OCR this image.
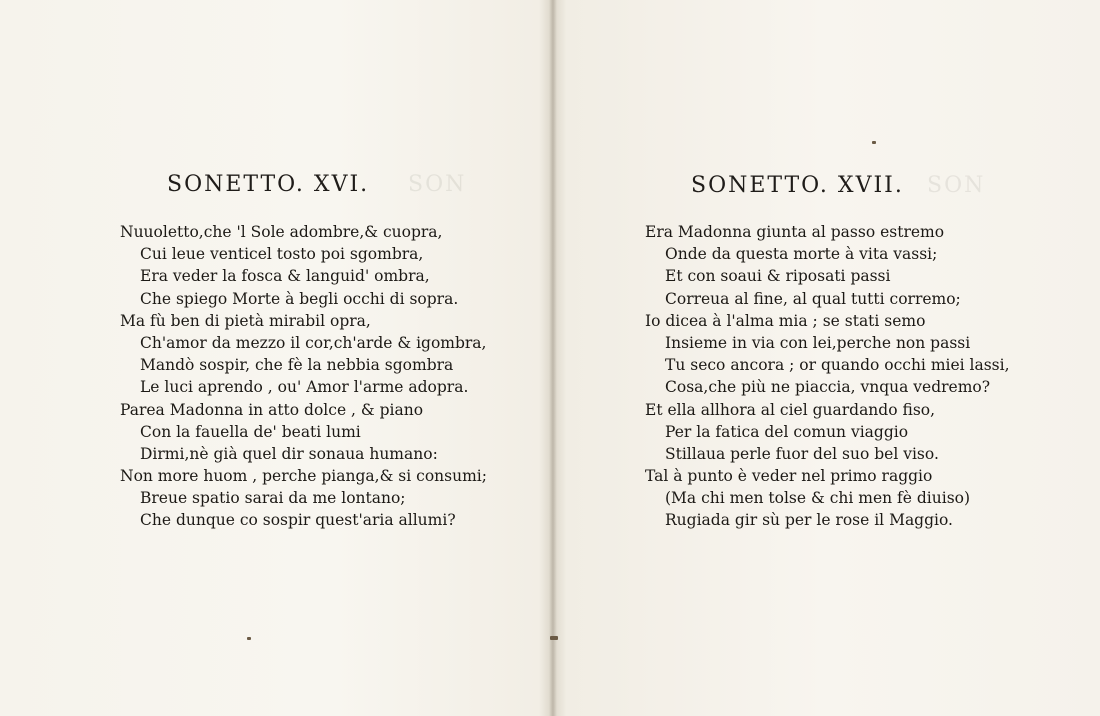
SON
SONETTO. XVI.
Nuuoletto,che 'l Sole adombre,& cuopra,
Cui leue venticel tosto poi sgombra,
Era veder la fosca & languid' ombra,
Che spiego Morte à begli occhi di sopra.
Ma fù ben di pietà mirabil opra,
Ch'amor da mezzo il cor,ch'arde & igombra,
Mandò sospir, che fè la nebbia sgombra
Le luci aprendo , ou' Amor l'arme adopra.
Parea Madonna in atto dolce , & piano
Con la fauella de' beati lumi
Dirmi,nè già quel dir sonaua humano:
Non more huom , perche pianga,& si consumi;
Breue spatio sarai da me lontano;
Che dunque co sospir quest'aria allumi?
SON
SONETTO. XVII.
Era Madonna giunta al passo estremo
Onde da questa morte à vita vassi;
Et con soaui & riposati passi
Correua al fine, al qual tutti corremo;
Io dicea à l'alma mia ; se stati semo
Insieme in via con lei,perche non passi
Tu seco ancora ; or quando occhi miei lassi,
Cosa,che più ne piaccia, vnqua vedremo?
Et ella allhora al ciel guardando fiso,
Per la fatica del comun viaggio
Stillaua perle fuor del suo bel viso.
Tal à punto è veder nel primo raggio
(Ma chi men tolse & chi men fè diuiso)
Rugiada gir sù per le rose il Maggio.
